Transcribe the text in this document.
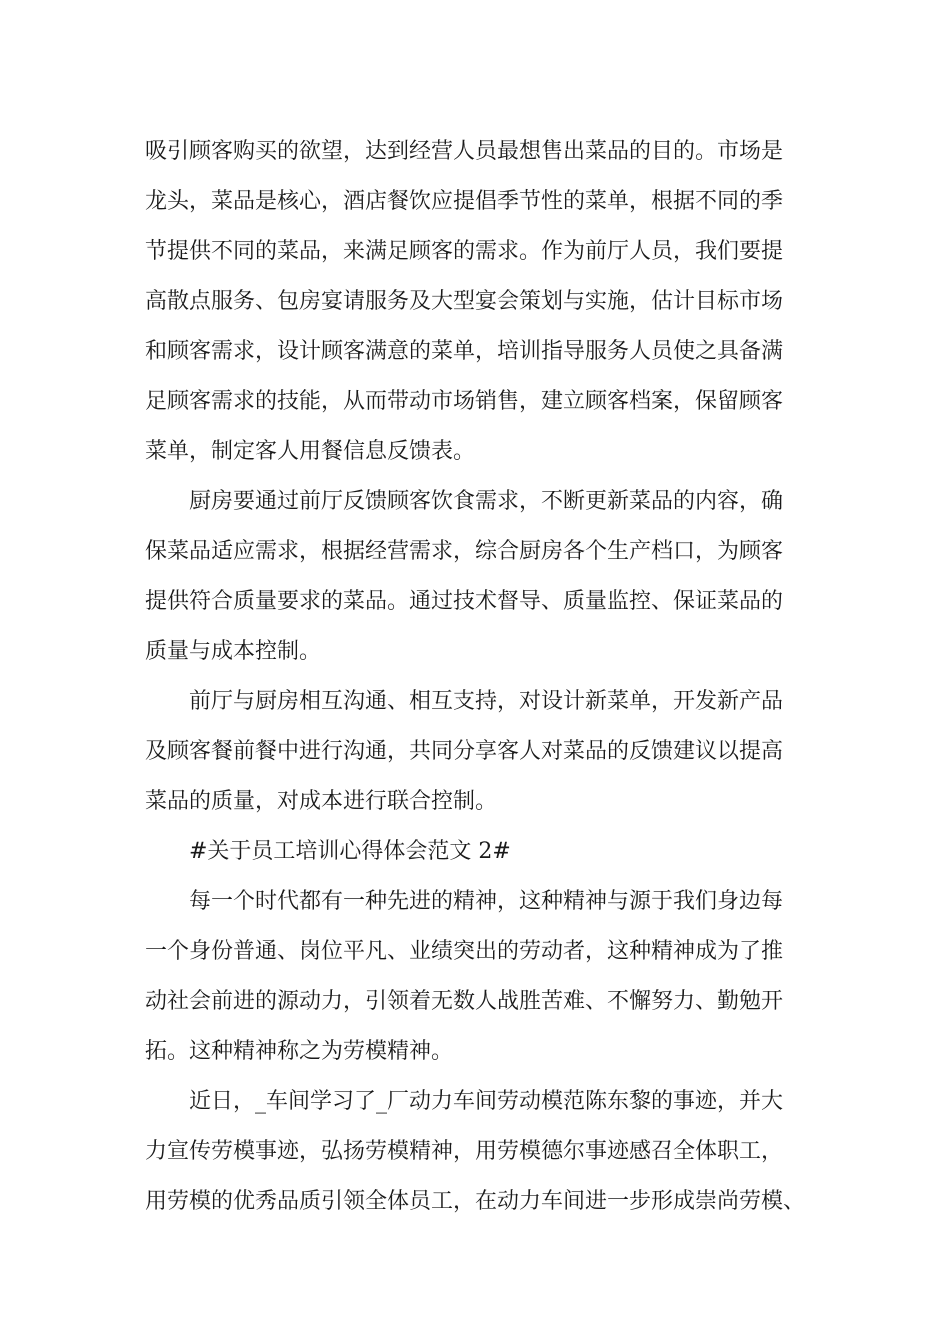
吸引顾客购买的欲望，达到经营人员最想售出菜品的目的。市场是
龙头，菜品是核心，酒店餐饮应提倡季节性的菜单，根据不同的季
节提供不同的菜品，来满足顾客的需求。作为前厅人员，我们要提
高散点服务、包房宴请服务及大型宴会策划与实施，估计目标市场
和顾客需求，设计顾客满意的菜单，培训指导服务人员使之具备满
足顾客需求的技能，从而带动市场销售，建立顾客档案，保留顾客
菜单，制定客人用餐信息反馈表。
厨房要通过前厅反馈顾客饮食需求，不断更新菜品的内容，确
保菜品适应需求，根据经营需求，综合厨房各个生产档口，为顾客
提供符合质量要求的菜品。通过技术督导、质量监控、保证菜品的
质量与成本控制。
前厅与厨房相互沟通、相互支持，对设计新菜单，开发新产品
及顾客餐前餐中进行沟通，共同分享客人对菜品的反馈建议以提高
菜品的质量，对成本进行联合控制。
#关于员工培训心得体会范文 2#
每一个时代都有一种先进的精神，这种精神与源于我们身边每
一个身份普通、岗位平凡、业绩突出的劳动者，这种精神成为了推
动社会前进的源动力，引领着无数人战胜苦难、不懈努力、勤勉开
拓。这种精神称之为劳模精神。
近日，_车间学习了_厂动力车间劳动模范陈东黎的事迹，并大
力宣传劳模事迹，弘扬劳模精神，用劳模德尔事迹感召全体职工，
用劳模的优秀品质引领全体员工，在动力车间进一步形成崇尚劳模、
